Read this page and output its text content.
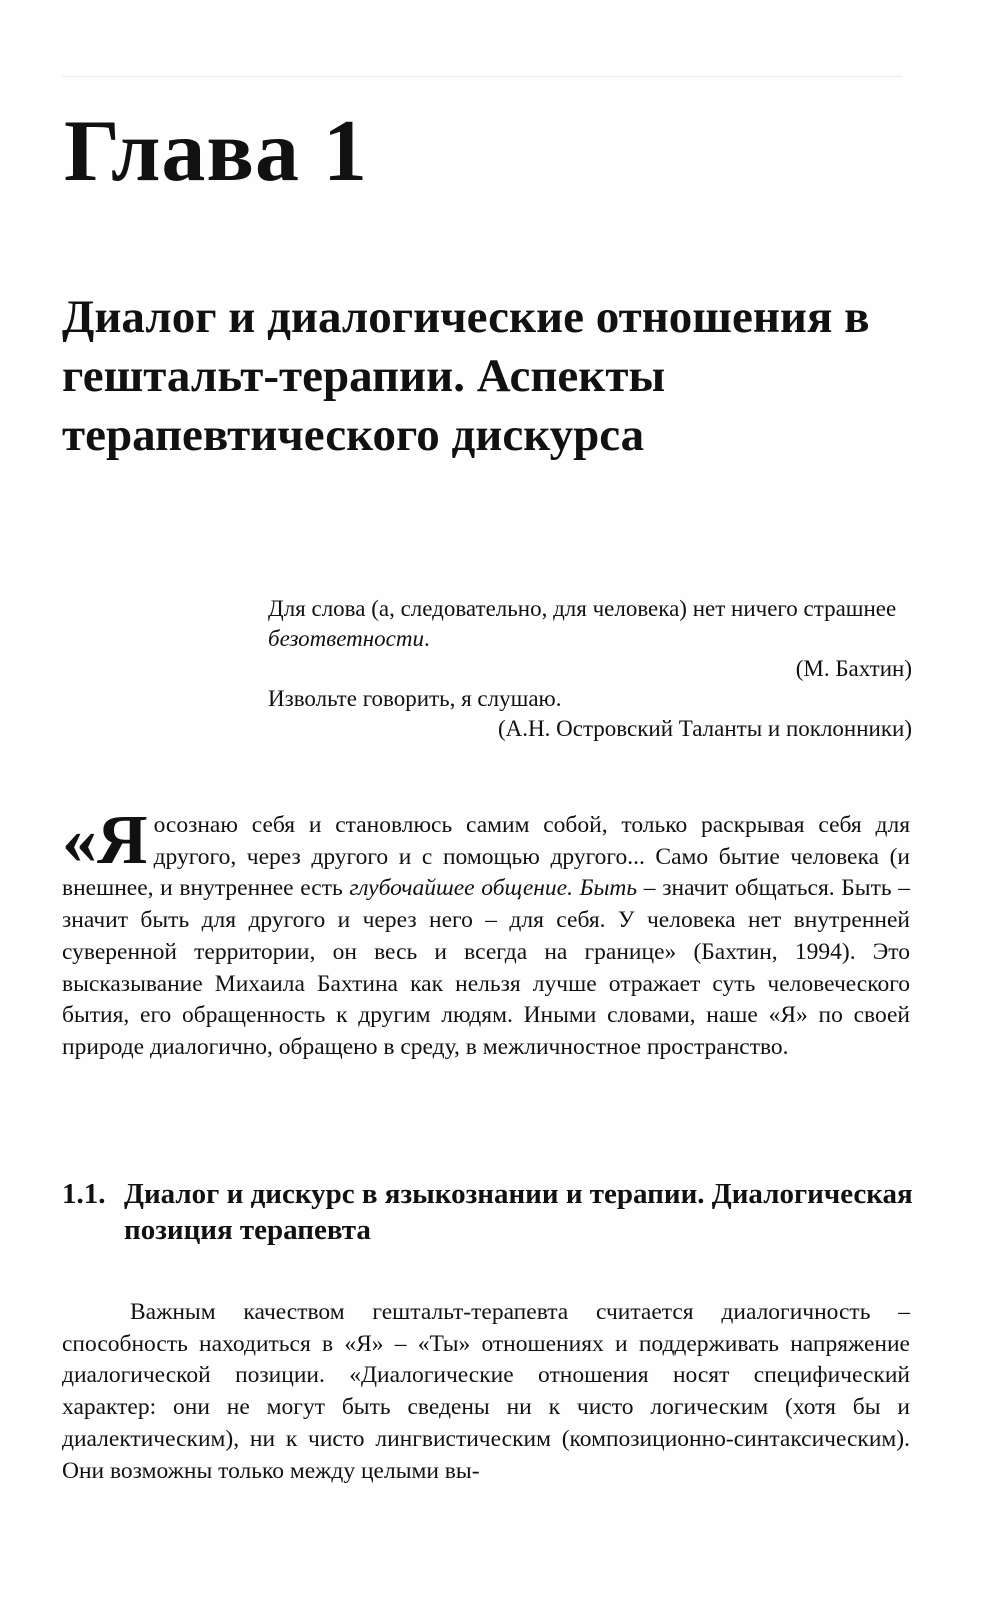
Глава 1
Диалог и диалогические отношения в гештальт-терапии. Аспекты терапевтического дискурса

Для слова (а, следовательно, для человека) нет ничего страшнее безответности.

(М. Бахтин)

Извольте говорить, я слушаю.

(А.Н. Островский Таланты и поклонники)

«Я осознаю себя и становлюсь самим собой, только раскрывая себя для другого, через другого и с помощью другого... Само бытие человека (и внешнее, и внутреннее есть глубочайшее общение. Быть – значит общаться. Быть – значит быть для другого и через него – для себя. У человека нет внутренней суверенной территории, он весь и всегда на границе» (Бахтин, 1994). Это высказывание Михаила Бахтина как нельзя лучше отражает суть человеческого бытия, его обращенность к другим людям. Иными словами, наше «Я» по своей природе диалогично, обращено в среду, в межличностное пространство.

1.1. Диалог и дискурс в языкознании и терапии. Диалогическая позиция терапевта

Важным качеством гештальт-терапевта считается диалогичность – способность находиться в «Я» – «Ты» отношениях и поддерживать напряжение диалогической позиции. «Диалогические отношения носят специфический характер: они не могут быть сведены ни к чисто логическим (хотя бы и диалектическим), ни к чисто лингвистическим (композиционно-синтаксическим). Они возможны только между целыми вы-
